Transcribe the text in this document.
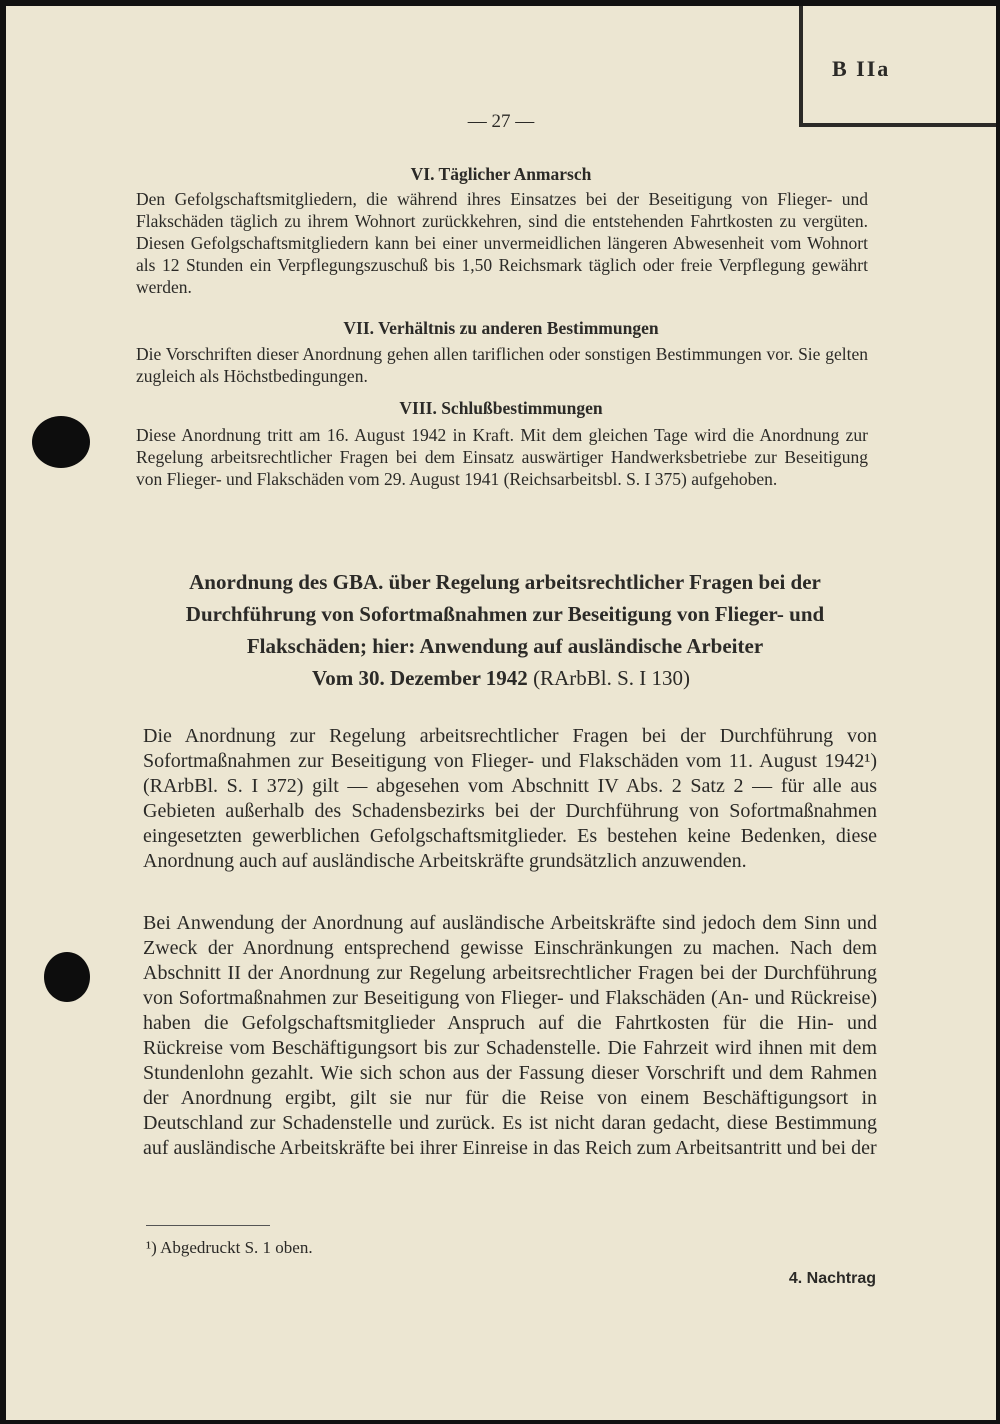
B IIa
— 27 —
VI. Täglicher Anmarsch

Den Gefolgschaftsmitgliedern, die während ihres Einsatzes bei der Beseitigung von Flieger- und Flakschäden täglich zu ihrem Wohnort zurückkehren, sind die entstehenden Fahrtkosten zu vergüten. Diesen Gefolgschaftsmitgliedern kann bei einer unvermeidlichen längeren Abwesenheit vom Wohnort als 12 Stunden ein Verpflegungszuschuß bis 1,50 Reichsmark täglich oder freie Verpflegung gewährt werden.

VII. Verhältnis zu anderen Bestimmungen

Die Vorschriften dieser Anordnung gehen allen tariflichen oder sonstigen Bestimmungen vor. Sie gelten zugleich als Höchstbedingungen.

VIII. Schlußbestimmungen

Diese Anordnung tritt am 16. August 1942 in Kraft. Mit dem gleichen Tage wird die Anordnung zur Regelung arbeitsrechtlicher Fragen bei dem Einsatz auswärtiger Handwerksbetriebe zur Beseitigung von Flieger- und Flakschäden vom 29. August 1941 (Reichsarbeitsbl. S. I 375) aufgehoben.

Anordnung des GBA. über Regelung arbeitsrechtlicher Fragen bei der Durchführung von Sofortmaßnahmen zur Beseitigung von Flieger- und Flakschäden; hier: Anwendung auf ausländische Arbeiter

Vom 30. Dezember 1942 (RArbBl. S. I 130)

Die Anordnung zur Regelung arbeitsrechtlicher Fragen bei der Durchführung von Sofortmaßnahmen zur Beseitigung von Flieger- und Flakschäden vom 11. August 1942¹) (RArbBl. S. I 372) gilt — abgesehen vom Abschnitt IV Abs. 2 Satz 2 — für alle aus Gebieten außerhalb des Schadensbezirks bei der Durchführung von Sofortmaßnahmen eingesetzten gewerblichen Gefolgschaftsmitglieder. Es bestehen keine Bedenken, diese Anordnung auch auf ausländische Arbeitskräfte grundsätzlich anzuwenden.

Bei Anwendung der Anordnung auf ausländische Arbeitskräfte sind jedoch dem Sinn und Zweck der Anordnung entsprechend gewisse Einschränkungen zu machen. Nach dem Abschnitt II der Anordnung zur Regelung arbeitsrechtlicher Fragen bei der Durchführung von Sofortmaßnahmen zur Beseitigung von Flieger- und Flakschäden (An- und Rückreise) haben die Gefolgschaftsmitglieder Anspruch auf die Fahrtkosten für die Hin- und Rückreise vom Beschäftigungsort bis zur Schadenstelle. Die Fahrzeit wird ihnen mit dem Stundenlohn gezahlt. Wie sich schon aus der Fassung dieser Vorschrift und dem Rahmen der Anordnung ergibt, gilt sie nur für die Reise von einem Beschäftigungsort in Deutschland zur Schadenstelle und zurück. Es ist nicht daran gedacht, diese Bestimmung auf ausländische Arbeitskräfte bei ihrer Einreise in das Reich zum Arbeitsantritt und bei der

¹) Abgedruckt S. 1 oben.
4. Nachtrag
